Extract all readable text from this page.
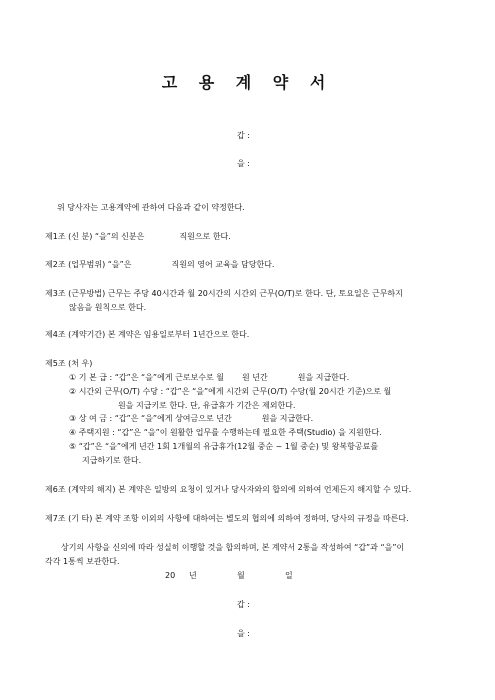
고 용 계 약 서
갑 :
을 :
위 당사자는 고용계약에 관하여 다음과 같이 약정한다.
제1조 (신 분) “을”의 신분은	직원으로 한다.
제2조 (업무범위) “을”은	직원의 영어 교육을 담당한다.
제3조 (근무방법) 근무는 주당 40시간과 월 20시간의 시간외 근무(O/T)로 한다. 단, 토요일은 근무하지
않음을 원칙으로 한다.
제4조 (계약기간) 본 계약은 임용일로부터 1년간으로 한다.
제5조 (처 우)
① 기 본 급 : “갑”은 “을”에게 근로보수로 월 원 년간	원을 지급한다.
② 시간외 근무(O/T) 수당 : “갑”은 “을”에게 시간외 근무(O/T) 수당(월 20시간 기준)으로 월
원을 지급키로 한다. 단, 유급휴가 기간은 제외한다.
③ 상 여 금 : “갑”은 “을”에게 상여금으로 년간	원을 지급한다.
④ 주택지원 : “갑”은 “을”이 원활한 업무를 수행하는데 필요한 주택(Studio) 을 지원한다.
⑤ “갑”은 “을”에게 년간 1회 1개월의 유급휴가(12월 중순 ~ 1월 중순) 및 왕복항공료를
지급하기로 한다.
제6조 (계약의 해지) 본 계약은 일방의 요청이 있거나 당사자와의 합의에 의하여 언제든지 해지할 수 있다.
제7조 (기 타) 본 계약 조항 이외의 사항에 대하여는 별도의 협의에 의하여 정하며, 당사의 규정을 따른다.
상기의 사항을 신의에 따라 성실히 이행할 것을 합의하며, 본 계약서 2통을 작성하여 “갑”과 “을”이
각각 1통씩 보관한다.
20 년	월	일
갑 :
을 :
